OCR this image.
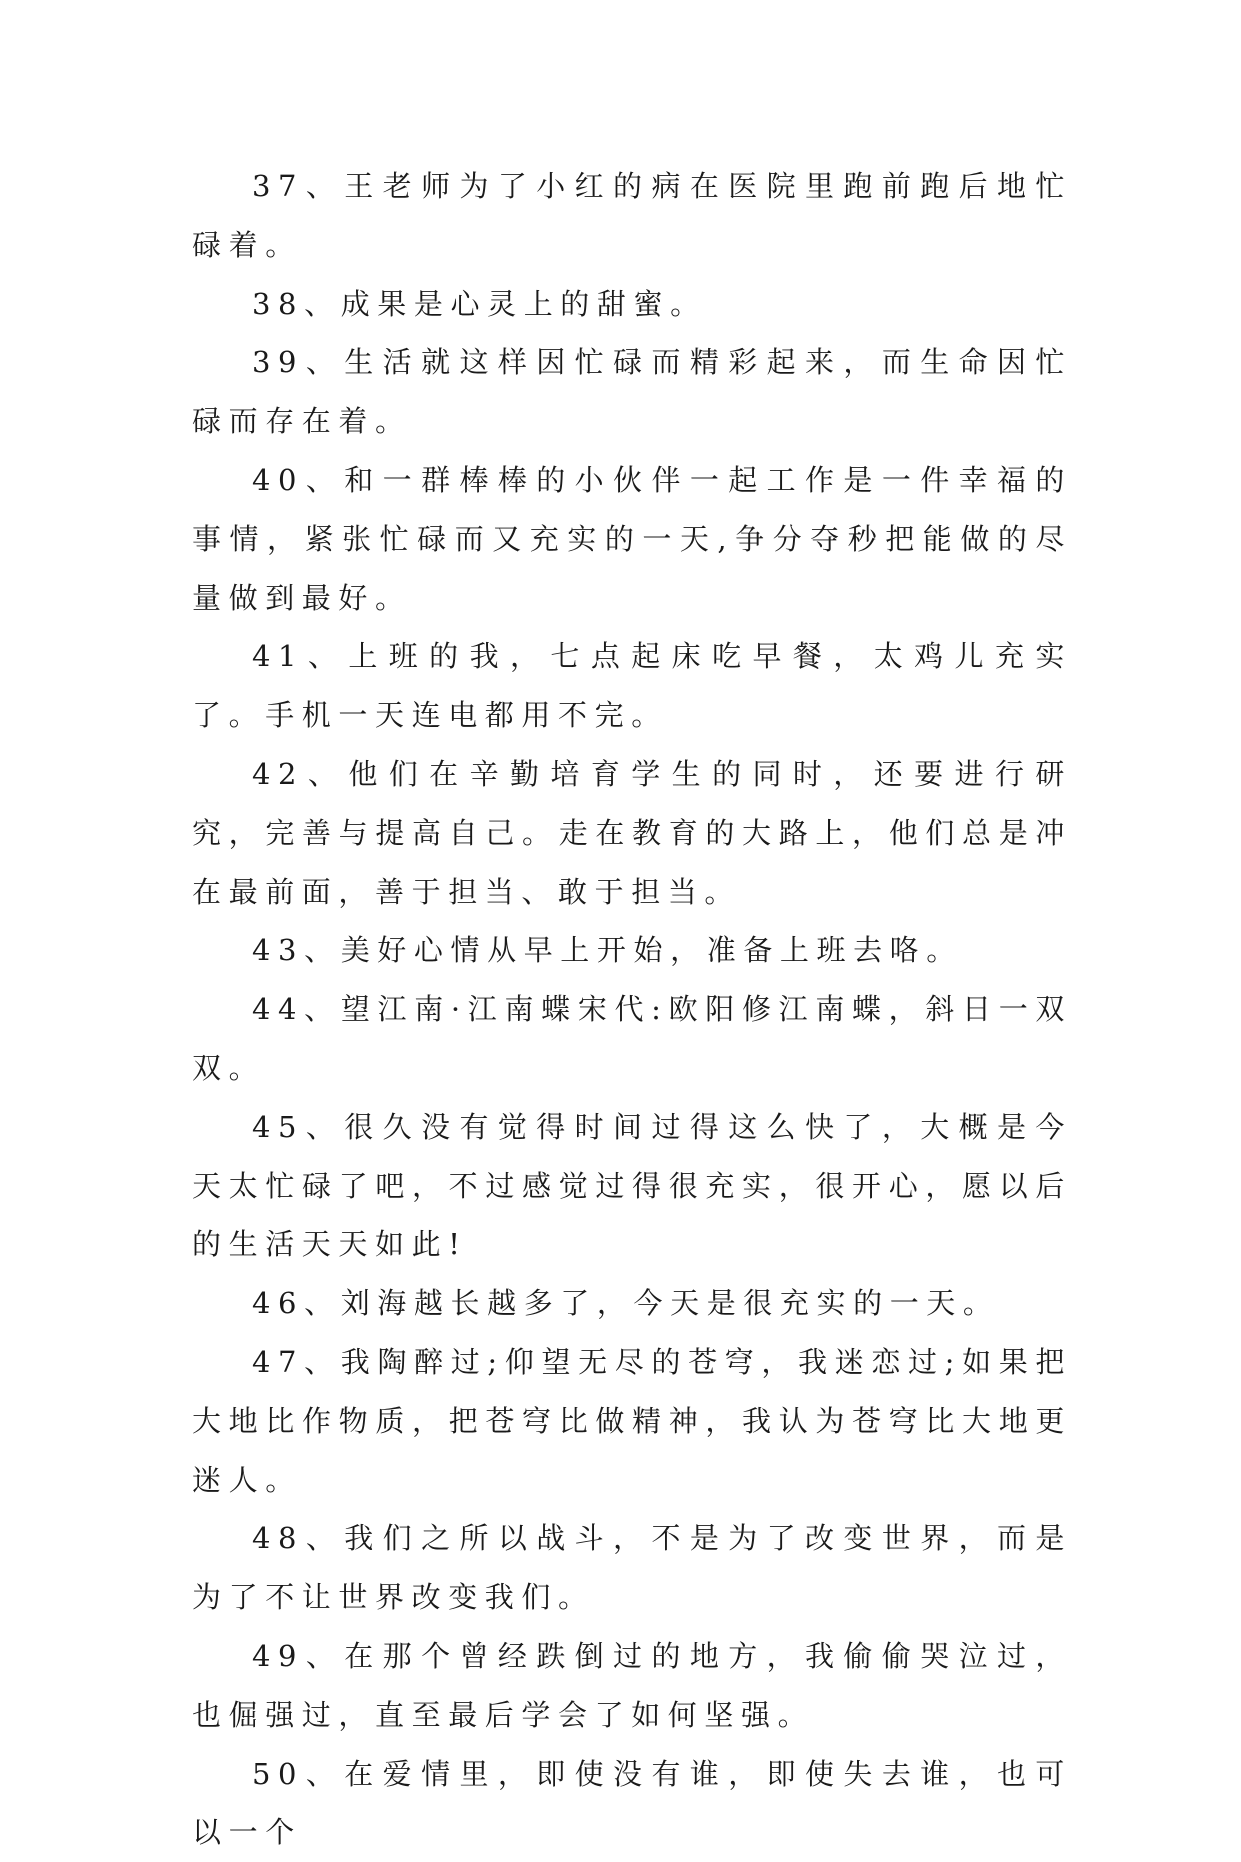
37、王老师为了小红的病在医院里跑前跑后地忙碌着。

38、成果是心灵上的甜蜜。

39、生活就这样因忙碌而精彩起来，而生命因忙碌而存在着。

40、和一群棒棒的小伙伴一起工作是一件幸福的事情，紧张忙碌而又充实的一天,争分夺秒把能做的尽量做到最好。

41、上班的我，七点起床吃早餐，太鸡儿充实了。手机一天连电都用不完。

42、他们在辛勤培育学生的同时，还要进行研究，完善与提高自己。走在教育的大路上，他们总是冲在最前面，善于担当、敢于担当。

43、美好心情从早上开始，准备上班去咯。

44、望江南·江南蝶宋代:欧阳修江南蝶，斜日一双双。

45、很久没有觉得时间过得这么快了，大概是今天太忙碌了吧，不过感觉过得很充实，很开心，愿以后的生活天天如此!

46、刘海越长越多了，今天是很充实的一天。

47、我陶醉过;仰望无尽的苍穹，我迷恋过;如果把大地比作物质，把苍穹比做精神，我认为苍穹比大地更迷人。

48、我们之所以战斗，不是为了改变世界，而是为了不让世界改变我们。

49、在那个曾经跌倒过的地方，我偷偷哭泣过，也倔强过，直至最后学会了如何坚强。

50、在爱情里，即使没有谁，即使失去谁，也可以一个
